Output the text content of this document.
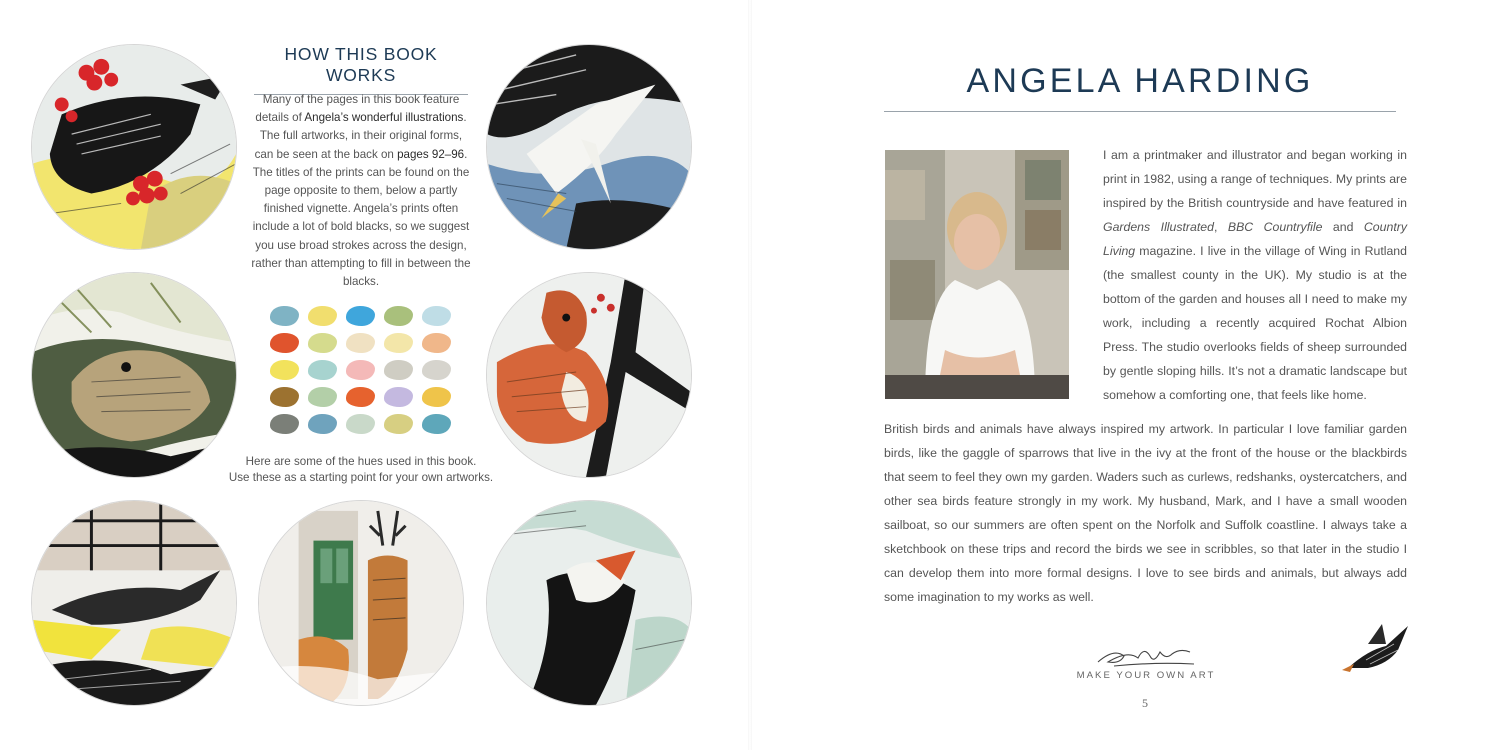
HOW THIS BOOK WORKS
Many of the pages in this book feature details of Angela’s wonderful illustrations. The full artworks, in their original forms, can be seen at the back on pages 92–96. The titles of the prints can be found on the page opposite to them, below a partly finished vignette. Angela’s prints often include a lot of bold blacks, so we suggest you use broad strokes across the design, rather than attempting to fill in between the blacks.
Here are some of the hues used in this book.
Use these as a starting point for your own artworks.
ANGELA HARDING
I am a printmaker and illustrator and began working in print in 1982, using a range of techniques. My prints are inspired by the British countryside and have featured in Gardens Illustrated, BBC Countryfile and Country Living magazine. I live in the village of Wing in Rutland (the smallest county in the UK). My studio is at the bottom of the garden and houses all I need to make my work, including a recently acquired Rochat Albion Press. The studio overlooks fields of sheep surrounded by gentle sloping hills. It’s not a dramatic landscape but somehow a comforting one, that feels like home.
British birds and animals have always inspired my artwork. In particular I love familiar garden birds, like the gaggle of sparrows that live in the ivy at the front of the house or the blackbirds that seem to feel they own my garden. Waders such as curlews, redshanks, oystercatchers, and other sea birds feature strongly in my work. My husband, Mark, and I have a small wooden sailboat, so our summers are often spent on the Norfolk and Suffolk coastline. I always take a sketchbook on these trips and record the birds we see in scribbles, so that later in the studio I can develop them into more formal designs. I love to see birds and animals, but always add some imagination to my works as well.
MAKE YOUR OWN ART
5
